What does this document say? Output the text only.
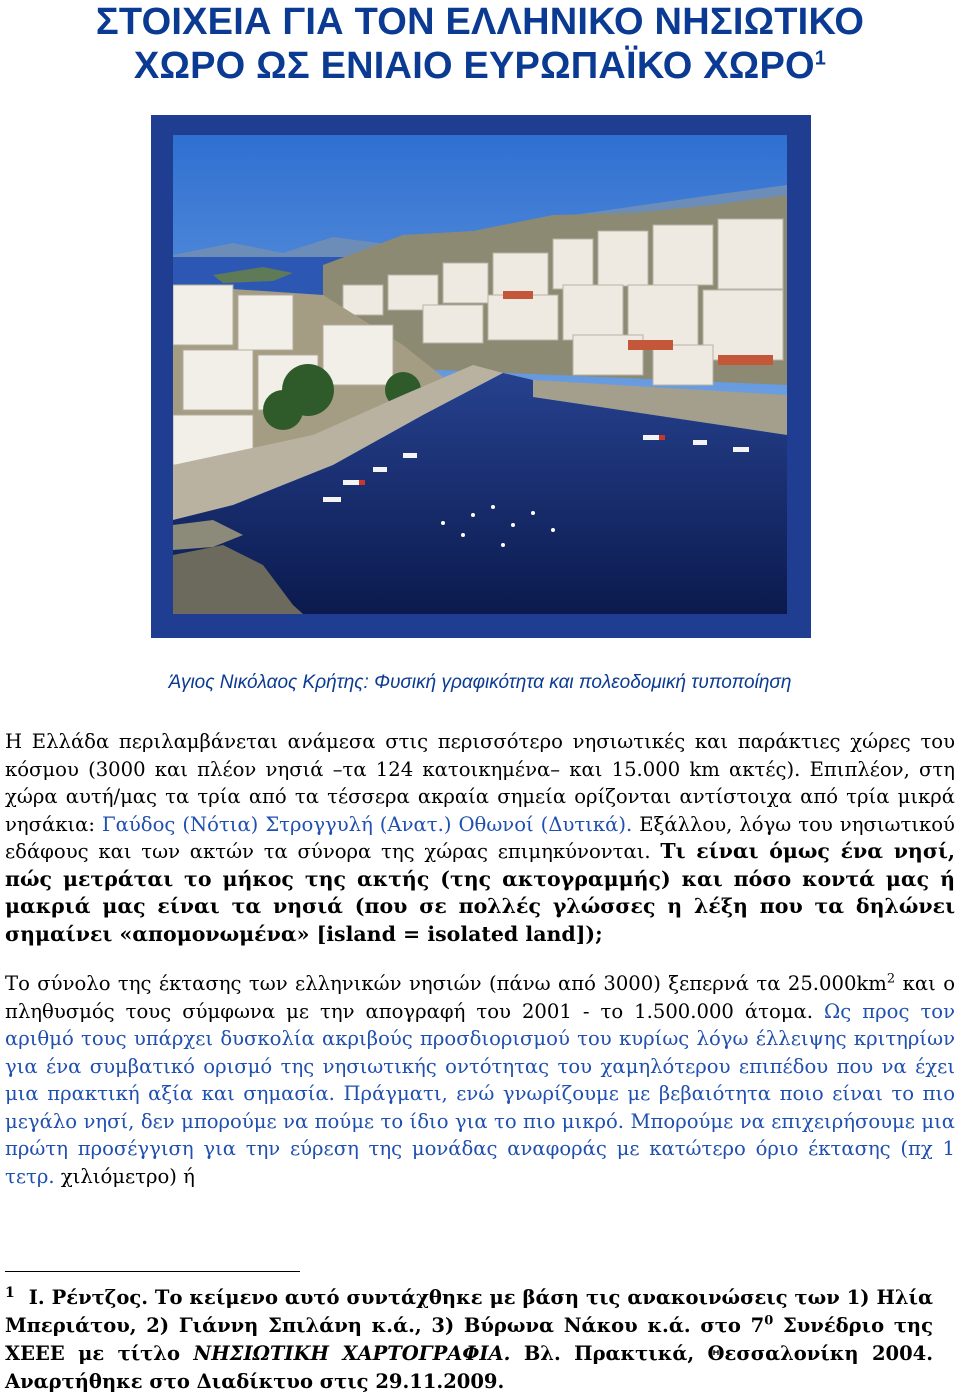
ΣΤΟΙΧΕΙΑ ΓΙΑ ΤΟΝ ΕΛΛΗΝΙΚΟ ΝΗΣΙΩΤΙΚΟ
ΧΩΡΟ ΩΣ ΕΝΙΑΙΟ ΕΥΡΩΠΑΪΚΟ ΧΩΡΟ$^1$
Άγιος Νικόλαος Κρήτης: Φυσική γραφικότητα και πολεοδομική τυποποίηση

Η Ελλάδα περιλαμβάνεται ανάμεσα στις περισσότερο νησιωτικές και παράκτιες χώρες του κόσμου (3000 και πλέον νησιά –τα 124 κατοικημένα– και 15.000 km ακτές). Επιπλέον, στη χώρα αυτή/μας τα τρία από τα τέσσερα ακραία σημεία ορίζονται αντίστοιχα από τρία μικρά νησάκια: Γαύδος (Νότια) Στρογγυλή (Ανατ.) Οθωνοί (Δυτικά). Εξάλλου, λόγω του νησιωτικού εδάφους και των ακτών τα σύνορα της χώρας επιμηκύνονται. Τι είναι όμως ένα νησί, πώς μετράται το μήκος της ακτής (της ακτογραμμής) και πόσο κοντά μας ή μακριά μας είναι τα νησιά (που σε πολλές γλώσσες η λέξη που τα δηλώνει σημαίνει «απομονωμένα» [island = isolated land]);

Το σύνολο της έκτασης των ελληνικών νησιών (πάνω από 3000) ξεπερνά τα $25.000km^2$ και ο πληθυσμός τους σύμφωνα με την απογραφή του 2001 - το 1.500.000 άτομα. Ως προς τον αριθμό τους υπάρχει δυσκολία ακριβούς προσδιορισμού του κυρίως λόγω έλλειψης κριτηρίων για ένα συμβατικό ορισμό της νησιωτικής οντότητας του χαμηλότερου επιπέδου που να έχει μια πρακτική αξία και σημασία. Πράγματι, ενώ γνωρίζουμε με βεβαιότητα ποιο είναι το πιο μεγάλο νησί, δεν μπορούμε να πούμε το ίδιο για το πιο μικρό. Μπορούμε να επιχειρήσουμε μια πρώτη προσέγγιση για την εύρεση της μονάδας αναφοράς με κατώτερο όριο έκτασης (πχ 1 τετρ. χιλιόμετρο) ή

$^1$ Ι. Ρέντζος. Το κείμενο αυτό συντάχθηκε με βάση τις ανακοινώσεις των 1) Ηλία Μπεριάτου, 2) Γιάννη Σπιλάνη κ.ά., 3) Βύρωνα Νάκου κ.ά. στο $7^0$ Συνέδριο της ΧΕΕΕ με τίτλο ΝΗΣΙΩΤΙΚΗ ΧΑΡΤΟΓΡΑΦΙΑ. Βλ. Πρακτικά, Θεσσαλονίκη 2004. Αναρτήθηκε στο Διαδίκτυο στις 29.11.2009.
